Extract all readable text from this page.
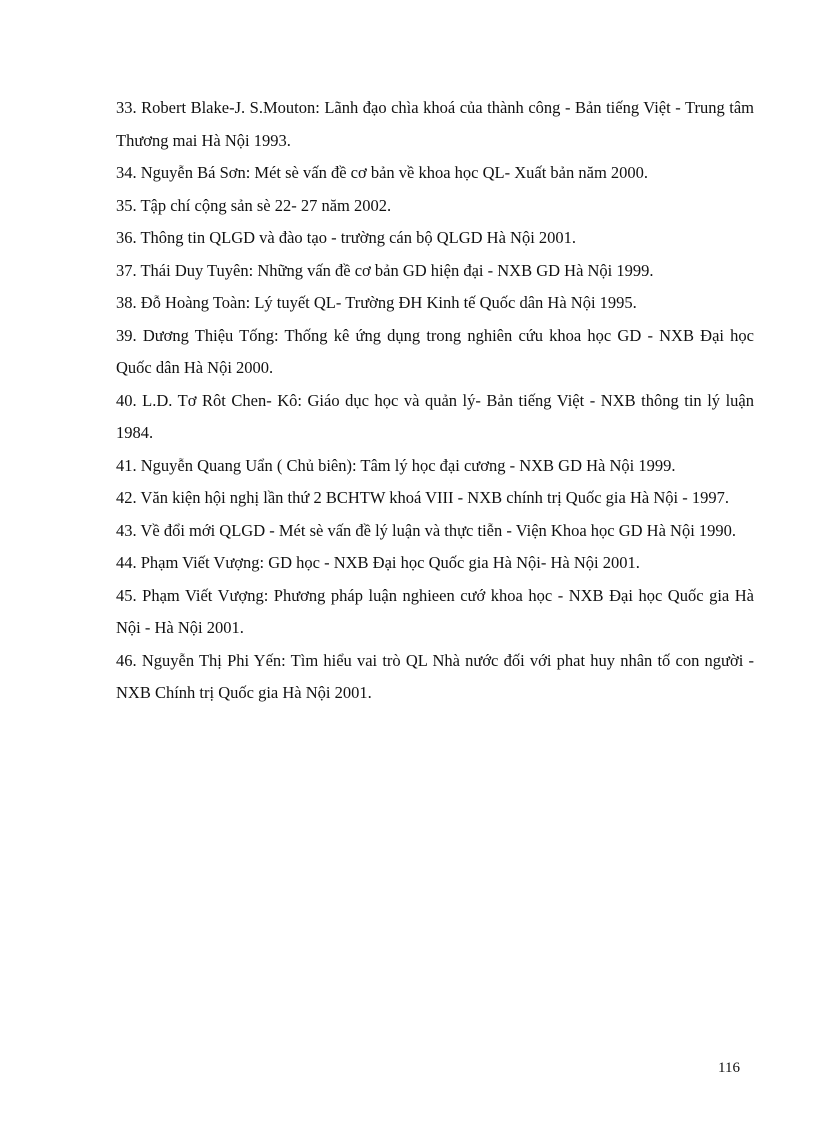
33. Robert Blake-J. S.Mouton: Lãnh đạo chìa khoá của thành công - Bản tiếng Việt - Trung tâm Thương mai Hà Nội 1993.
34. Nguyễn Bá Sơn: Mét sè vấn đề cơ bản về khoa học QL- Xuất bản năm 2000.
35. Tập chí cộng sản sè 22- 27 năm 2002.
36. Thông tin QLGD và đào tạo - trường cán bộ QLGD Hà Nội 2001.
37. Thái Duy Tuyên: Những vấn đề cơ bản GD hiện đại - NXB GD Hà Nội 1999.
38. Đỗ Hoàng Toàn: Lý tuyết QL- Trường ĐH Kinh tế Quốc dân Hà Nội 1995.
39. Dương Thiệu Tống: Thống kê ứng dụng trong nghiên cứu khoa học GD - NXB Đại học Quốc dân Hà Nội 2000.
40. L.D. Tơ Rôt Chen- Kô: Giáo dục học và quản lý- Bản tiếng Việt - NXB thông tin lý luận 1984.
41. Nguyễn Quang Uẩn ( Chủ biên): Tâm lý học đại cương - NXB GD Hà Nội 1999.
42. Văn kiện hội nghị lần thứ 2 BCHTW khoá VIII - NXB chính trị Quốc gia Hà Nội - 1997.
43. Về đổi mới QLGD - Mét sè vấn đề lý luận và thực tiễn - Viện Khoa học GD Hà Nội 1990.
44. Phạm Viết Vượng: GD học - NXB Đại học Quốc gia Hà Nội- Hà Nội 2001.
45. Phạm Viết Vượng: Phương pháp luận nghieen cướ khoa học - NXB Đại học Quốc gia Hà Nội - Hà Nội 2001.
46. Nguyễn Thị Phi Yến: Tìm hiểu vai trò QL Nhà nước đối với phat huy nhân tố con người - NXB Chính trị Quốc gia Hà Nội 2001.
116
